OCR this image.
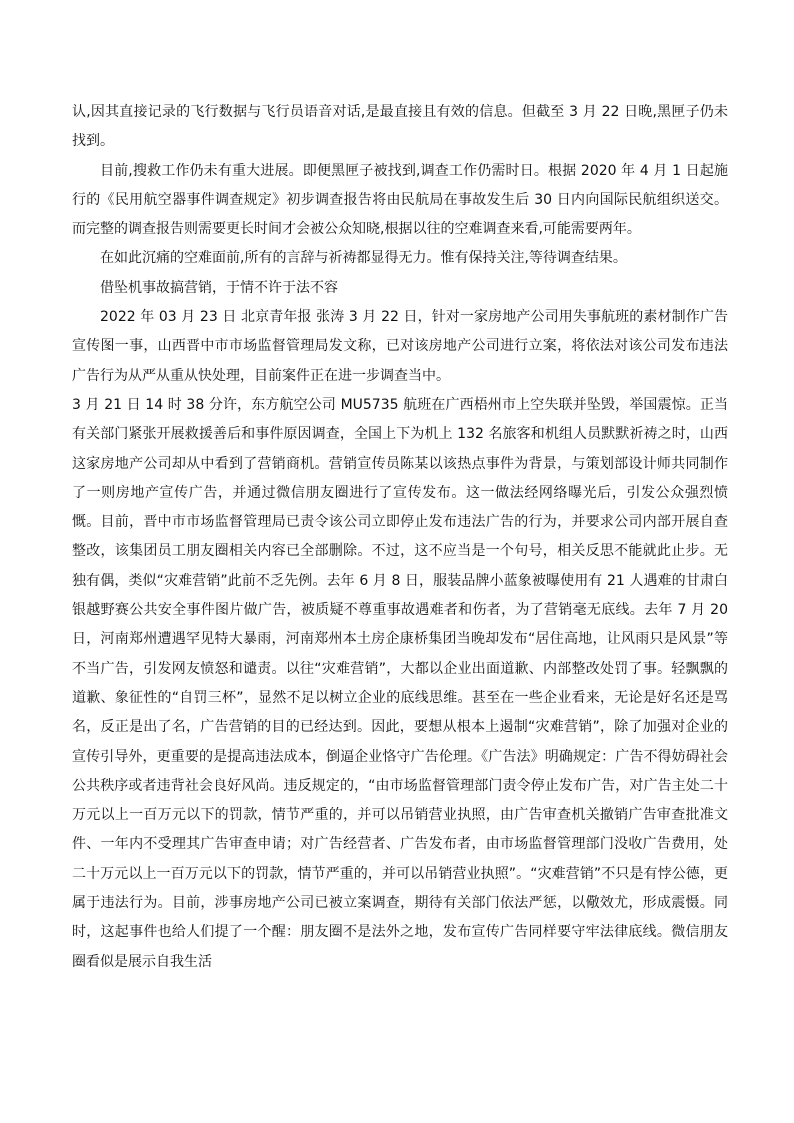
认,因其直接记录的飞行数据与飞行员语音对话,是最直接且有效的信息。但截至 3 月 22 日晚,黑匣子仍未找到。

目前,搜救工作仍未有重大进展。即便黑匣子被找到,调查工作仍需时日。根据 2020 年 4 月 1 日起施行的《民用航空器事件调查规定》初步调查报告将由民航局在事故发生后 30 日内向国际民航组织送交。而完整的调查报告则需要更长时间才会被公众知晓,根据以往的空难调查来看,可能需要两年。

在如此沉痛的空难面前,所有的言辞与祈祷都显得无力。惟有保持关注,等待调查结果。

借坠机事故搞营销，于情不许于法不容

2022 年 03 月 23 日 北京青年报 张涛 3 月 22 日，针对一家房地产公司用失事航班的素材制作广告宣传图一事，山西晋中市市场监督管理局发文称，已对该房地产公司进行立案，将依法对该公司发布违法广告行为从严从重从快处理，目前案件正在进一步调查当中。

3 月 21 日 14 时 38 分许，东方航空公司 MU5735 航班在广西梧州市上空失联并坠毁，举国震惊。正当有关部门紧张开展救援善后和事件原因调查，全国上下为机上 132 名旅客和机组人员默默祈祷之时，山西这家房地产公司却从中看到了营销商机。营销宣传员陈某以该热点事件为背景，与策划部设计师共同制作了一则房地产宣传广告，并通过微信朋友圈进行了宣传发布。这一做法经网络曝光后，引发公众强烈愤慨。目前，晋中市市场监督管理局已责令该公司立即停止发布违法广告的行为，并要求公司内部开展自查整改，该集团员工朋友圈相关内容已全部删除。不过，这不应当是一个句号，相关反思不能就此止步。无独有偶，类似“灾难营销”此前不乏先例。去年 6 月 8 日，服装品牌小蓝象被曝使用有 21 人遇难的甘肃白银越野赛公共安全事件图片做广告，被质疑不尊重事故遇难者和伤者，为了营销毫无底线。去年 7 月 20 日，河南郑州遭遇罕见特大暴雨，河南郑州本土房企康桥集团当晚却发布“居住高地，让风雨只是风景”等不当广告，引发网友愤怒和谴责。以往“灾难营销”，大都以企业出面道歉、内部整改处罚了事。轻飘飘的道歉、象征性的“自罚三杯”，显然不足以树立企业的底线思维。甚至在一些企业看来，无论是好名还是骂名，反正是出了名，广告营销的目的已经达到。因此，要想从根本上遏制“灾难营销”，除了加强对企业的宣传引导外，更重要的是提高违法成本，倒逼企业恪守广告伦理。《广告法》明确规定：广告不得妨碍社会公共秩序或者违背社会良好风尚。违反规定的，“由市场监督管理部门责令停止发布广告，对广告主处二十万元以上一百万元以下的罚款，情节严重的，并可以吊销营业执照，由广告审查机关撤销广告审查批准文件、一年内不受理其广告审查申请；对广告经营者、广告发布者，由市场监督管理部门没收广告费用，处二十万元以上一百万元以下的罚款，情节严重的，并可以吊销营业执照”。“灾难营销”不只是有悖公德，更属于违法行为。目前，涉事房地产公司已被立案调查，期待有关部门依法严惩，以儆效尤，形成震慑。同时，这起事件也给人们提了一个醒：朋友圈不是法外之地，发布宣传广告同样要守牢法律底线。微信朋友圈看似是展示自我生活
